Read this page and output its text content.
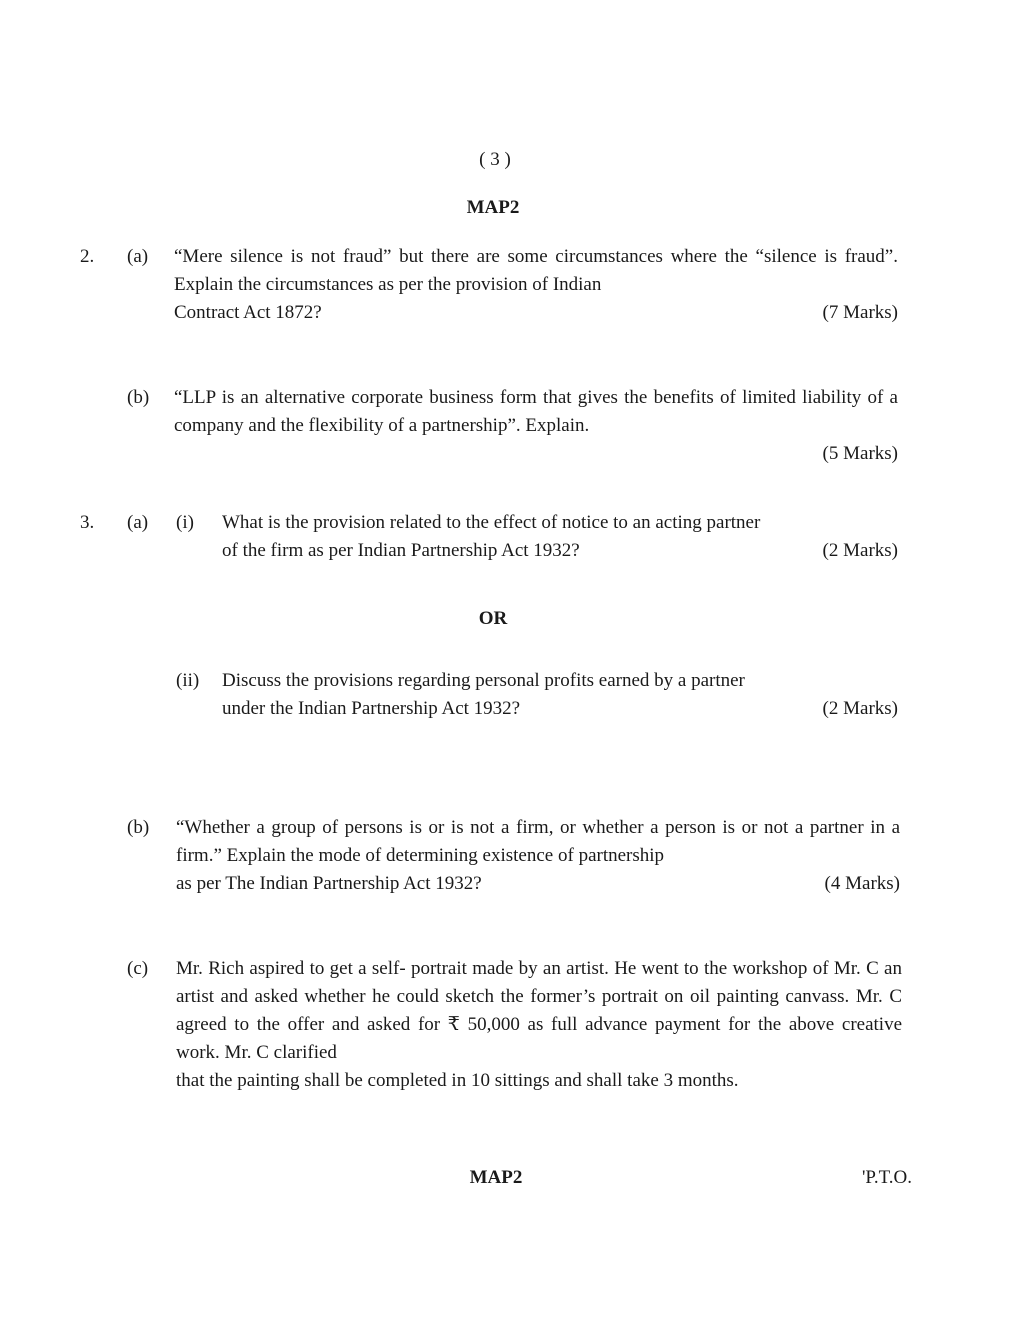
( 3 )
MAP2
2.	(a)	“Mere silence is not fraud” but there are some circumstances where the “silence is fraud”. Explain the circumstances as per the provision of Indian

Contract Act 1872?	(7 Marks)
(b)	“LLP is an alternative corporate business form that gives the benefits of limited liability of a company and the flexibility of a partnership”. Explain.

(5 Marks)
3.	(a)	(i)	What is the provision related to the effect of notice to an acting partner

of the firm as per Indian Partnership Act 1932?	(2 Marks)
OR
(ii)	Discuss the provisions regarding personal profits earned by a partner

under the Indian Partnership Act 1932?	(2 Marks)
(b)	“Whether a group of persons is or is not a firm, or whether a person is or not a partner in a firm.” Explain the mode of determining existence of partnership

as per The Indian Partnership Act 1932?	(4 Marks)
(c)	Mr. Rich aspired to get a self- portrait made by an artist. He went to the workshop of Mr. C an artist and asked whether he could sketch the former’s portrait on oil painting canvass. Mr. C agreed to the offer and asked for ₹ 50,000 as full advance payment for the above creative work. Mr. C clarified

that the painting shall be completed in 10 sittings and shall take 3 months.
MAP2	'P.T.O.
